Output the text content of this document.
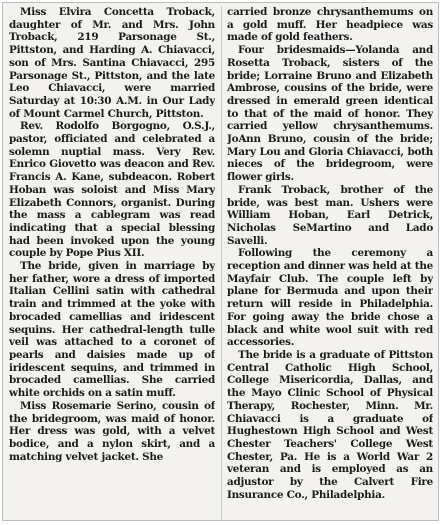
Miss Elvira Concetta Troback, daughter of Mr. and Mrs. John Troback, 219 Parsonage St., Pittston, and Harding A. Chiavacci, son of Mrs. Santina Chiavacci, 295 Parsonage St., Pittston, and the late Leo Chiavacci, were married Saturday at 10:30 A.M. in Our Lady of Mount Carmel Church, Pittston.

Rev. Rodolfo Borgogno, O.S.J., pastor, officiated and celebrated a solemn nuptial mass. Very Rev. Enrico Giovetto was deacon and Rev. Francis A. Kane, subdeacon. Robert Hoban was soloist and Miss Mary Elizabeth Connors, organist. During the mass a cablegram was read indicating that a special blessing had been invoked upon the young couple by Pope Pius XII.

The bride, given in marriage by her father, wore a dress of imported Italian Cellini satin with cathedral train and trimmed at the yoke with brocaded camellias and iridescent sequins. Her cathedral-length tulle veil was attached to a coronet of pearls and daisies made up of iridescent sequins, and trimmed in brocaded camellias. She carried white orchids on a satin muff.

Miss Rosemarie Serino, cousin of the bridegroom, was maid of honor. Her dress was gold, with a velvet bodice, and a nylon skirt, and a matching velvet jacket. She

carried bronze chrysanthemums on a gold muff. Her headpiece was made of gold feathers.

Four bridesmaids—Yolanda and Rosetta Troback, sisters of the bride; Lorraine Bruno and Elizabeth Ambrose, cousins of the bride, were dressed in emerald green identical to that of the maid of honor. They carried yellow chrysanthemums. JoAnn Bruno, cousin of the bride; Mary Lou and Gloria Chiavacci, both nieces of the bridegroom, were flower girls.

Frank Troback, brother of the bride, was best man. Ushers were William Hoban, Earl Detrick, Nicholas SeMartino and Lado Savelli.

Following the ceremony a reception and dinner was held at the Mayfair Club. The couple left by plane for Bermuda and upon their return will reside in Philadelphia. For going away the bride chose a black and white wool suit with red accessories.

The bride is a graduate of Pittston Central Catholic High School, College Misericordia, Dallas, and the Mayo Clinic School of Physical Therapy, Rochester, Minn. Mr. Chiavacci is a graduate of Hughestown High School and West Chester Teachers' College West Chester, Pa. He is a World War 2 veteran and is employed as an adjustor by the Calvert Fire Insurance Co., Philadelphia.
